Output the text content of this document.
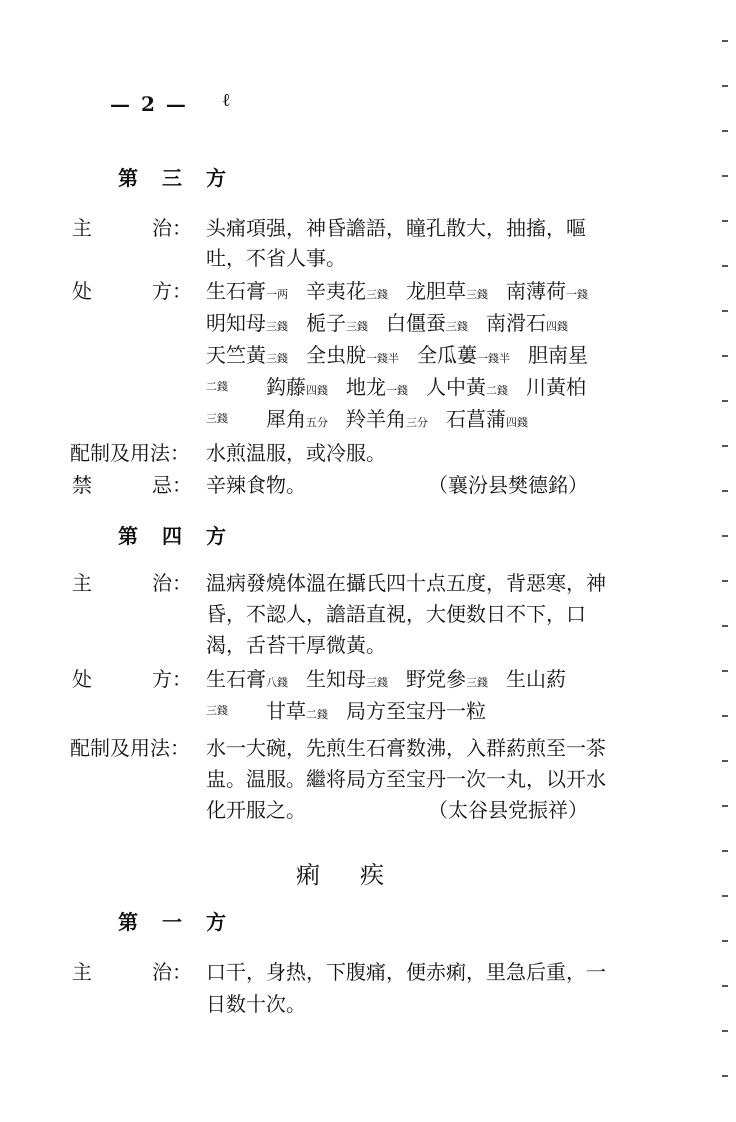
— 2 — ℓ
第 三 方
主　　　治： 头痛項强，神昏譫語，瞳孔散大，抽搐，嘔
吐，不省人事。
处　　　方： 生石膏一两 辛夷花三錢 龙胆草三錢 南薄荷一錢
明知母三錢 栀子三錢 白僵蚕三錢 南滑石四錢
天竺黃三錢 全虫脫一錢半 全瓜蔞一錢半 胆南星
二錢 鈎藤四錢 地龙一錢 人中黃二錢 川黃柏
三錢 犀角五分 羚羊角三分 石菖蒲四錢
配制及用法： 水煎温服，或冷服。
禁　　　忌： 辛辣食物。	（襄汾县樊德銘）
第 四 方
主　　　治： 温病發燒体溫在攝氏四十点五度，背惡寒，神
昏，不認人，譫語直視，大便数日不下，口
渴，舌苔干厚微黃。
处　　　方： 生石膏八錢 生知母三錢 野党參三錢 生山葯
三錢 甘草二錢 局方至宝丹一粒
配制及用法： 水一大碗，先煎生石膏数沸，入群葯煎至一茶
盅。温服。繼将局方至宝丹一次一丸，以开水
化开服之。	（太谷县党振祥）
痢疾
第 一 方
主　　　治： 口干，身热，下腹痛，便赤痢，里急后重，一
日数十次。
